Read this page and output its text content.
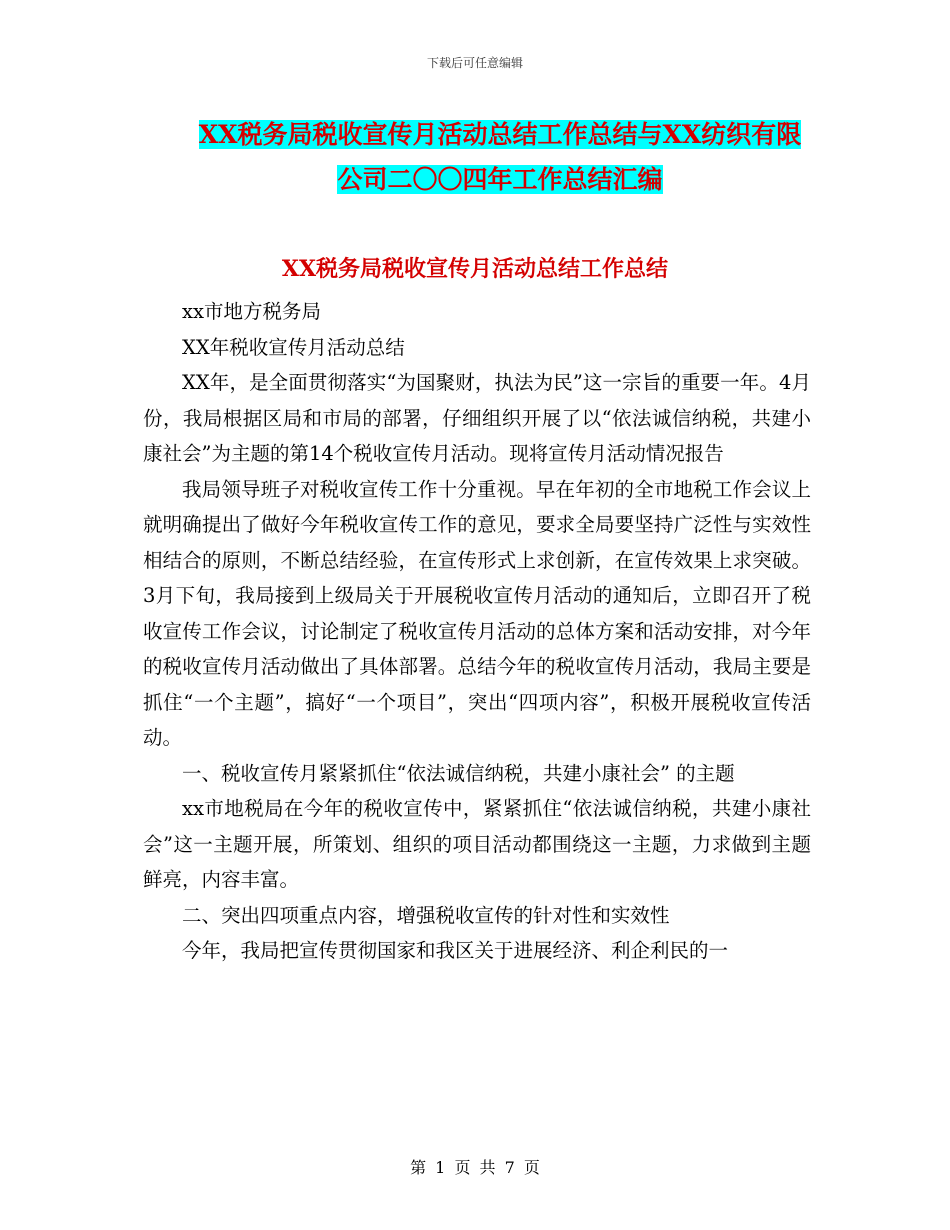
下载后可任意编辑
XX税务局税收宣传月活动总结工作总结与XX纺织有限
公司二〇〇四年工作总结汇编
XX税务局税收宣传月活动总结工作总结

xx市地方税务局

XX年税收宣传月活动总结

XX年，是全面贯彻落实“为国聚财，执法为民”这一宗旨的重要一年。4月份，我局根据区局和市局的部署，仔细组织开展了以“依法诚信纳税，共建小康社会”为主题的第14个税收宣传月活动。现将宣传月活动情况报告

我局领导班子对税收宣传工作十分重视。早在年初的全市地税工作会议上就明确提出了做好今年税收宣传工作的意见，要求全局要坚持广泛性与实效性相结合的原则，不断总结经验，在宣传形式上求创新，在宣传效果上求突破。3月下旬，我局接到上级局关于开展税收宣传月活动的通知后，立即召开了税收宣传工作会议，讨论制定了税收宣传月活动的总体方案和活动安排，对今年的税收宣传月活动做出了具体部署。总结今年的税收宣传月活动，我局主要是抓住“一个主题”，搞好“一个项目”，突出“四项内容”，积极开展税收宣传活动。

一、税收宣传月紧紧抓住“依法诚信纳税，共建小康社会” 的主题

xx市地税局在今年的税收宣传中，紧紧抓住“依法诚信纳税，共建小康社会”这一主题开展，所策划、组织的项目活动都围绕这一主题，力求做到主题鲜亮，内容丰富。

二、突出四项重点内容，增强税收宣传的针对性和实效性

今年，我局把宣传贯彻国家和我区关于进展经济、利企利民的一

第 1 页 共 7 页
